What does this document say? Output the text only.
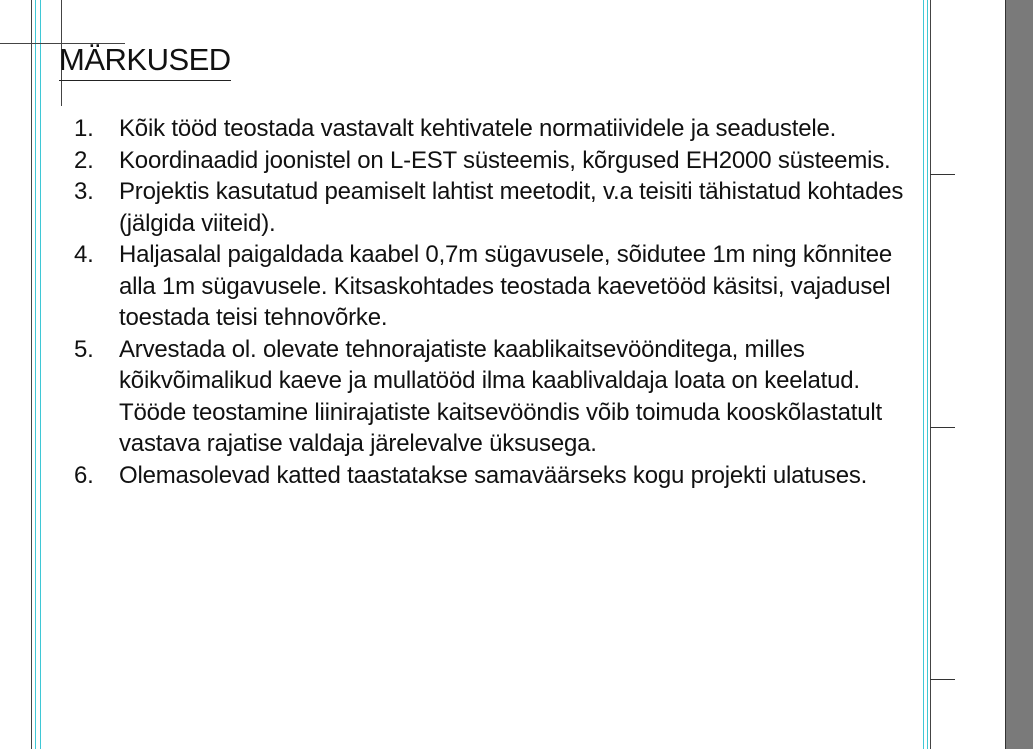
MÄRKUSED
1.	Kõik tööd teostada vastavalt kehtivatele normatiividele ja seadustele.
2.	Koordinaadid joonistel on L-EST süsteemis, kõrgused EH2000 süsteemis.
3.	Projektis kasutatud peamiselt lahtist meetodit, v.a teisiti tähistatud kohtades (jälgida viiteid).
4.	Haljasalal paigaldada kaabel 0,7m sügavusele, sõidutee 1m ning kõnnitee alla 1m sügavusele. Kitsaskohtades teostada kaevetööd käsitsi, vajadusel toestada teisi tehnovõrke.
5.	Arvestada ol. olevate tehnorajatiste kaablikaitsevöönditega, milles kõikvõimalikud kaeve ja mullatööd ilma kaablivaldaja loata on keelatud. Tööde teostamine liinirajatiste kaitsevööndis võib toimuda kooskõlastatult vastava rajatise valdaja järelevalve üksusega.
6.	Olemasolevad katted taastatakse samaväärseks kogu projekti ulatuses.
